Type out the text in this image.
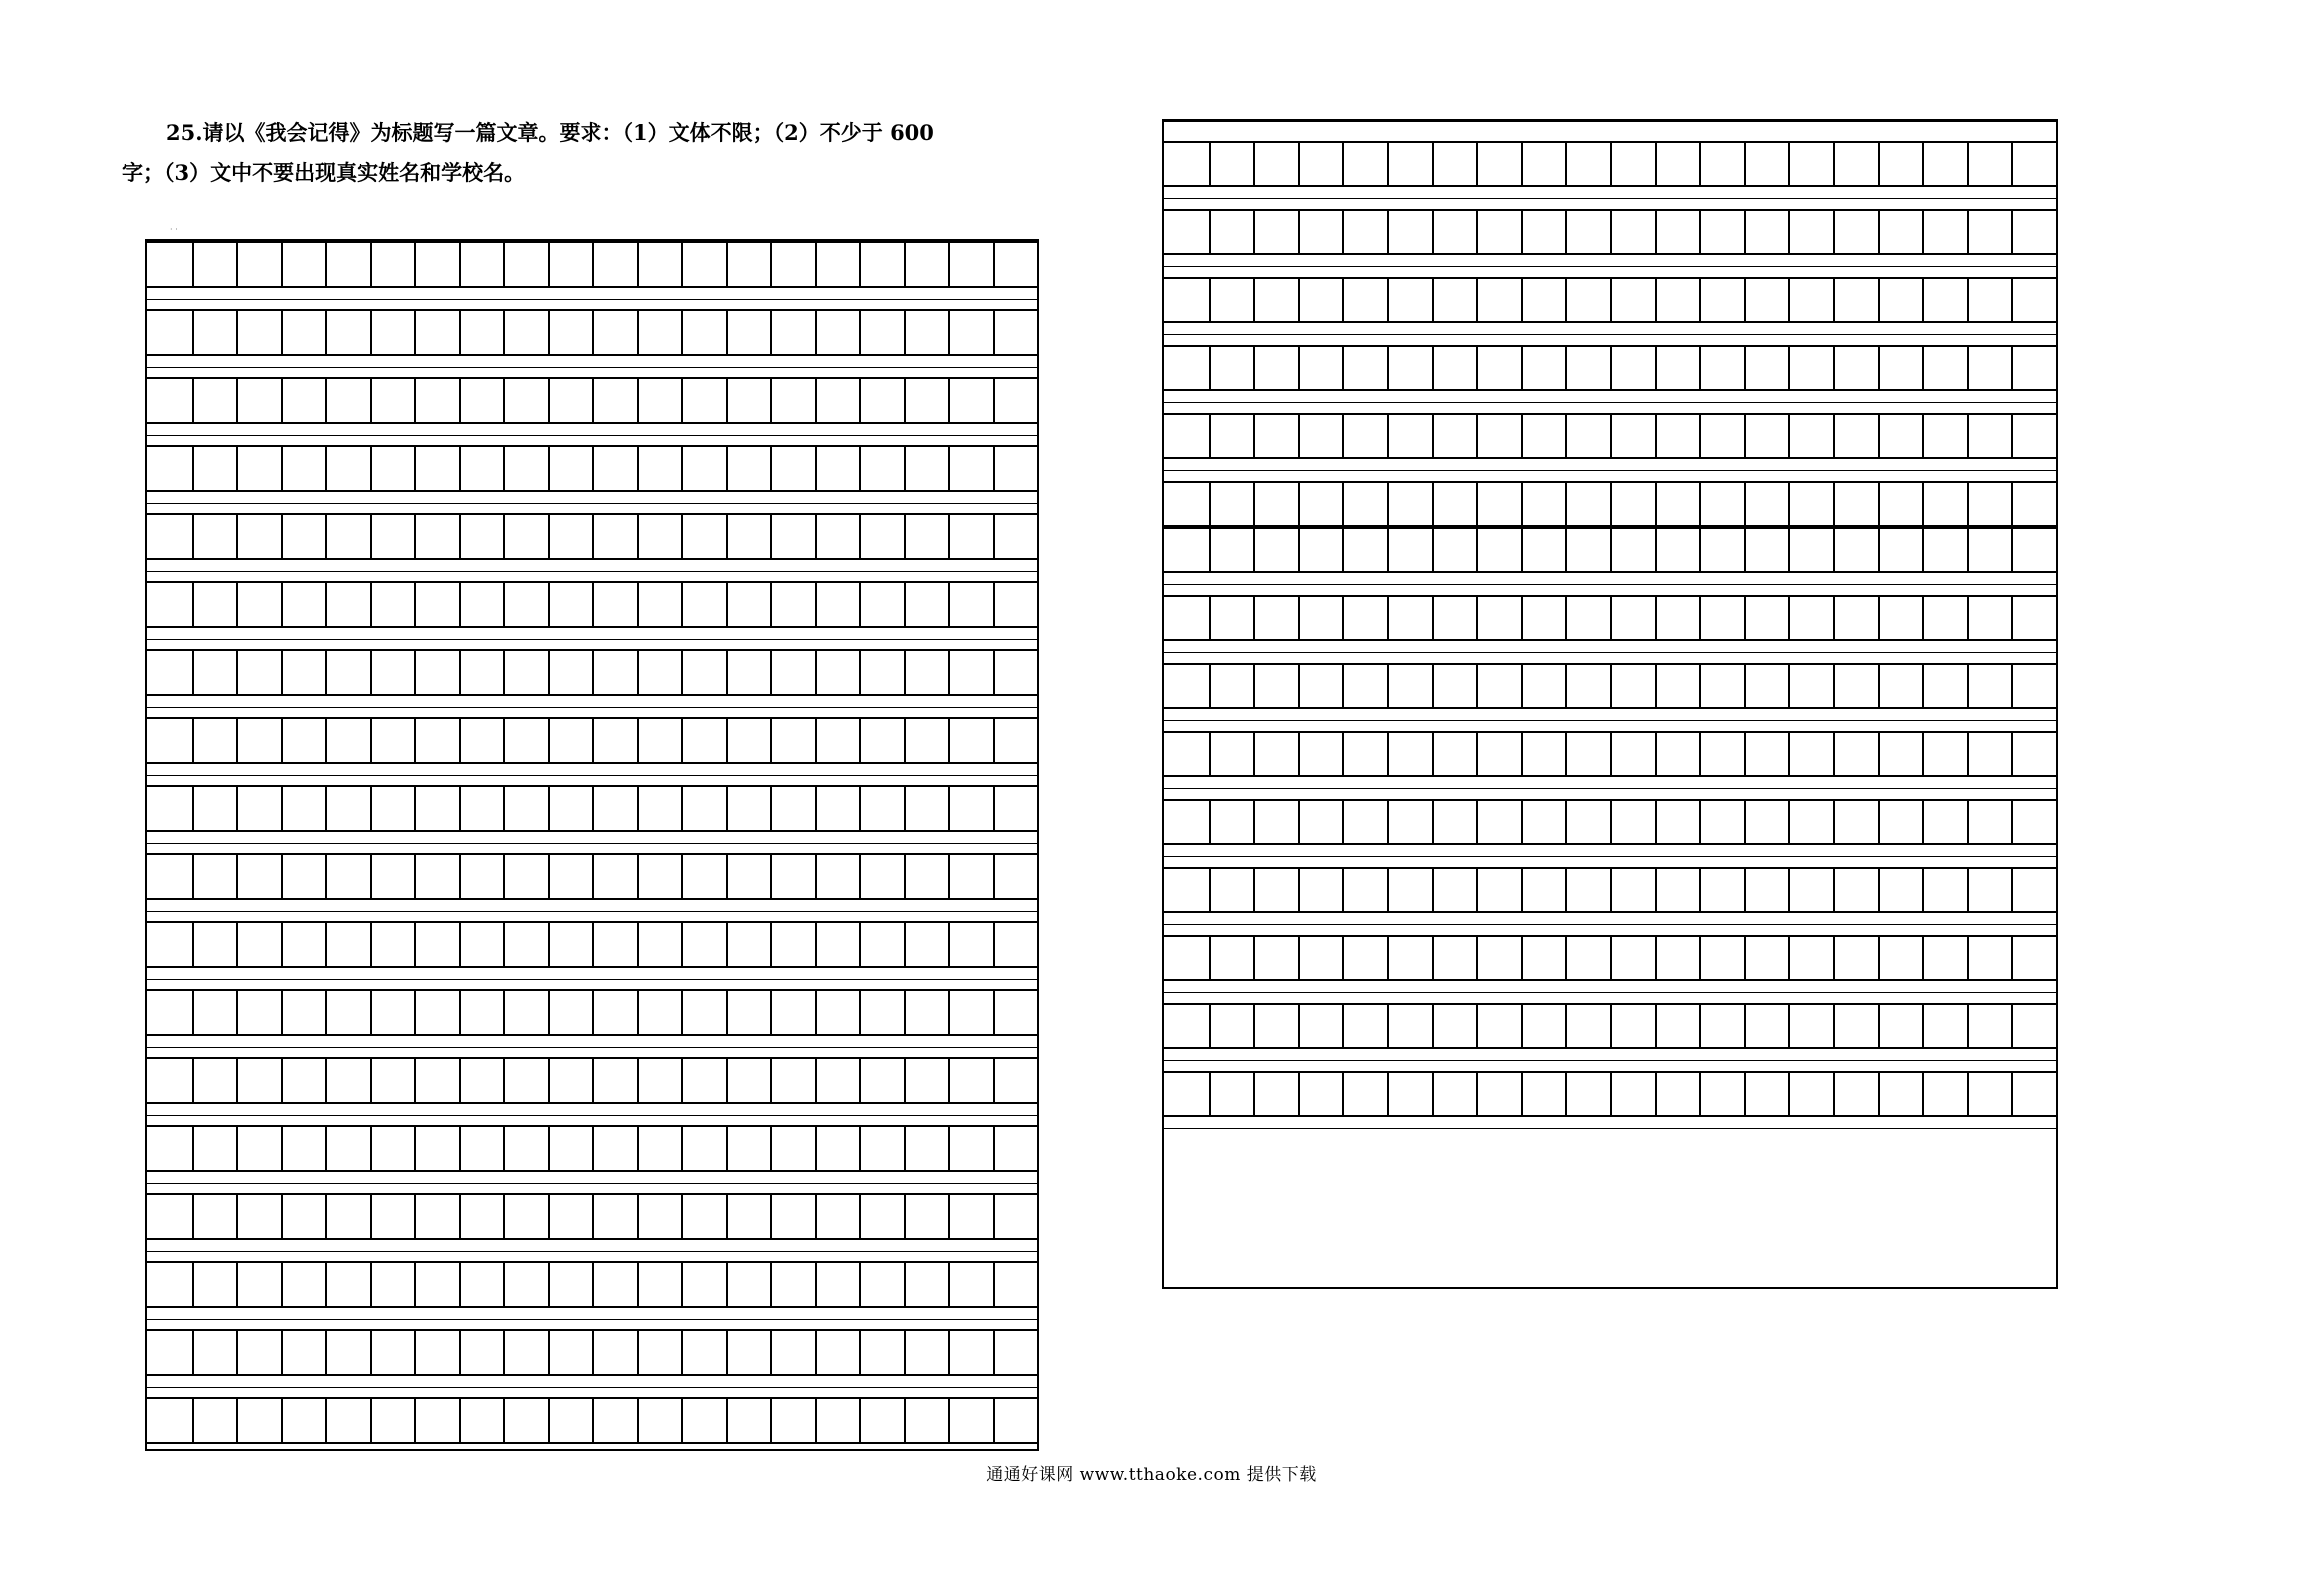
25.请以《我会记得》为标题写一篇文章。要求：（1）文体不限；（2）不少于 600
字；（3）文中不要出现真实姓名和学校名。
· ·
通通好课网 www.tthaoke.com 提供下载
